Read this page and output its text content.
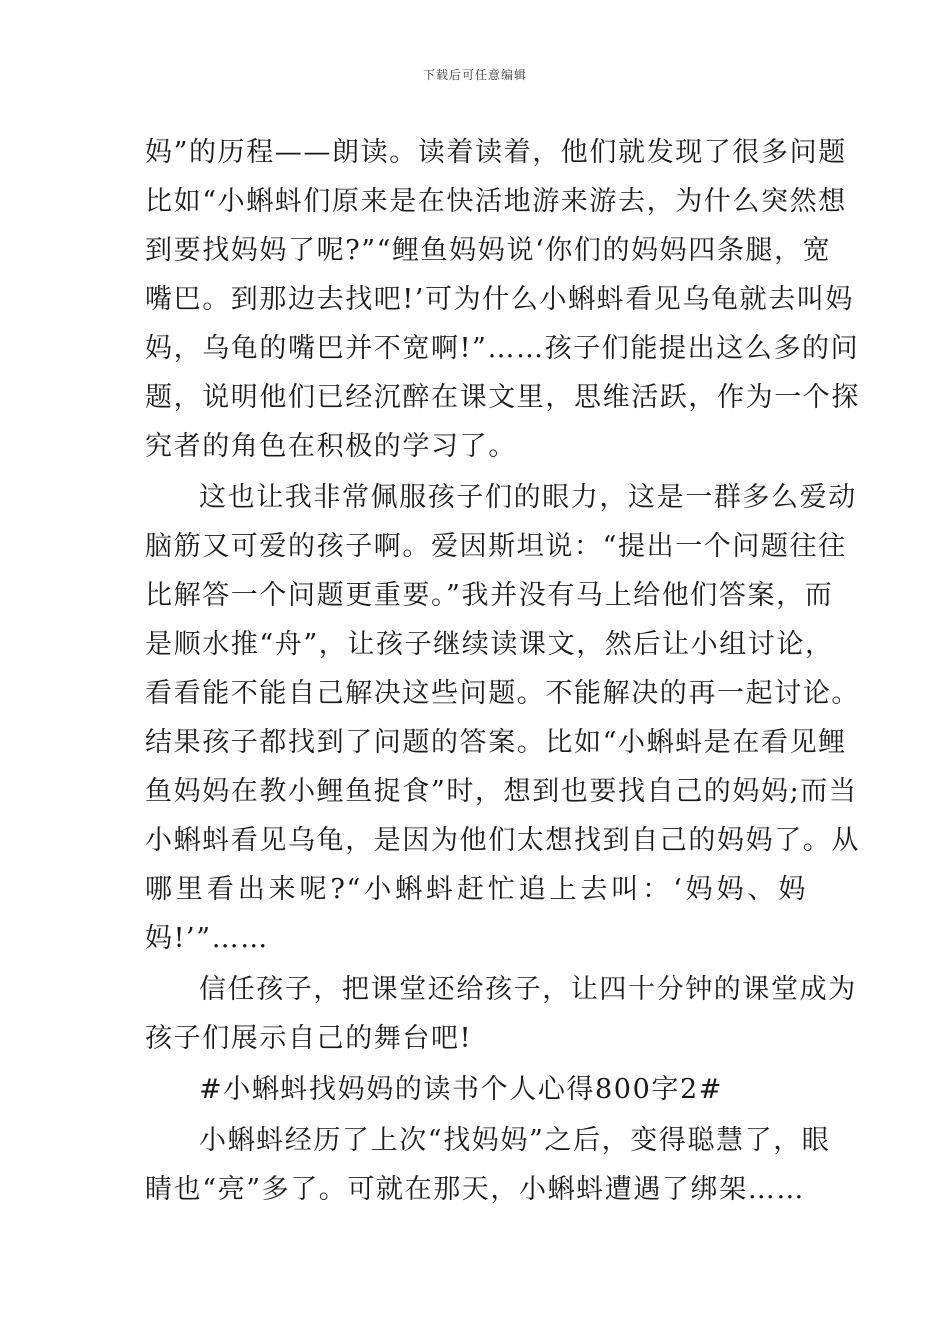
下载后可任意编辑
妈”的历程——朗读。读着读着，他们就发现了很多问题
比如“小蝌蚪们原来是在快活地游来游去，为什么突然想
到要找妈妈了呢?”“鲤鱼妈妈说‘你们的妈妈四条腿，宽
嘴巴。到那边去找吧!’可为什么小蝌蚪看见乌龟就去叫妈
妈，乌龟的嘴巴并不宽啊!”……孩子们能提出这么多的问
题，说明他们已经沉醉在课文里，思维活跃，作为一个探
究者的角色在积极的学习了。
这也让我非常佩服孩子们的眼力，这是一群多么爱动
脑筋又可爱的孩子啊。爱因斯坦说：“提出一个问题往往
比解答一个问题更重要。”我并没有马上给他们答案，而
是顺水推“舟”，让孩子继续读课文，然后让小组讨论，
看看能不能自己解决这些问题。不能解决的再一起讨论。
结果孩子都找到了问题的答案。比如“小蝌蚪是在看见鲤
鱼妈妈在教小鲤鱼捉食”时，想到也要找自己的妈妈;而当
小蝌蚪看见乌龟，是因为他们太想找到自己的妈妈了。从
哪里看出来呢?“小蝌蚪赶忙追上去叫：‘妈妈、妈
妈!’”……
信任孩子，把课堂还给孩子，让四十分钟的课堂成为
孩子们展示自己的舞台吧!
#小蝌蚪找妈妈的读书个人心得800字2#
小蝌蚪经历了上次“找妈妈”之后，变得聪慧了，眼
睛也“亮”多了。可就在那天，小蝌蚪遭遇了绑架……
